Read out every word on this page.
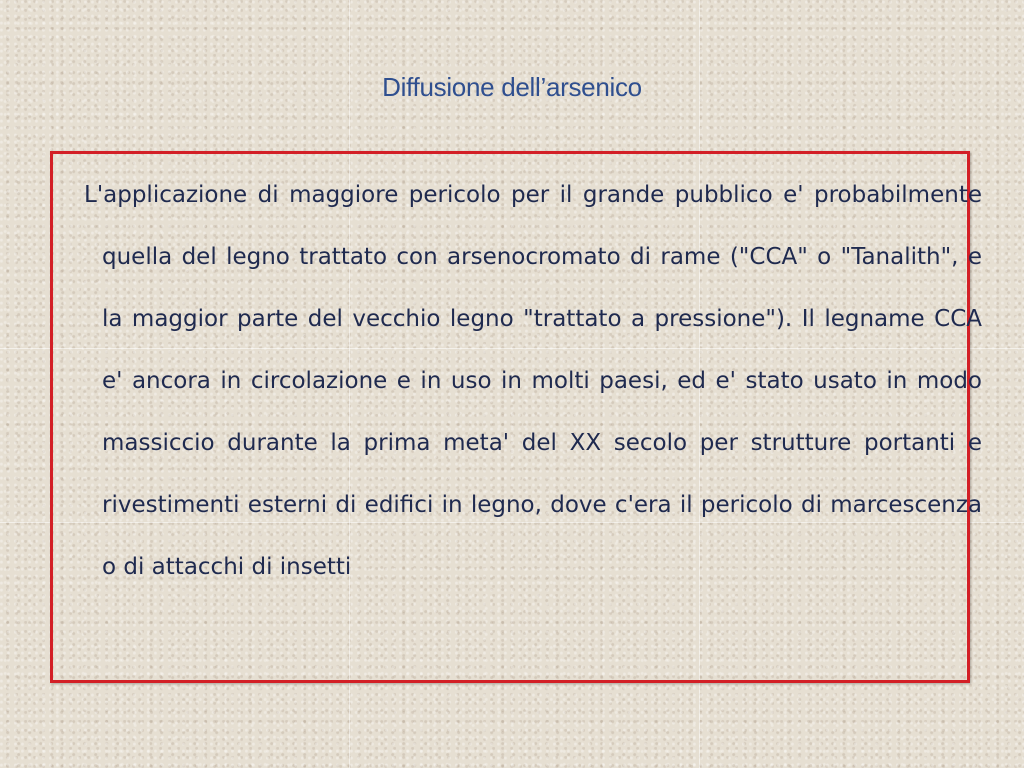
Diffusione dell’arsenico

L'applicazione di maggiore pericolo per il grande pubblico e' probabilmente quella del legno trattato con arsenocromato di rame ("CCA" o "Tanalith", e la maggior parte del vecchio legno "trattato a pressione"). Il legname CCA e' ancora in circolazione e in uso in molti paesi, ed e' stato usato in modo massiccio durante la prima meta' del XX secolo per strutture portanti e rivestimenti esterni di edifici in legno, dove c'era il pericolo di marcescenza o di attacchi di insetti
